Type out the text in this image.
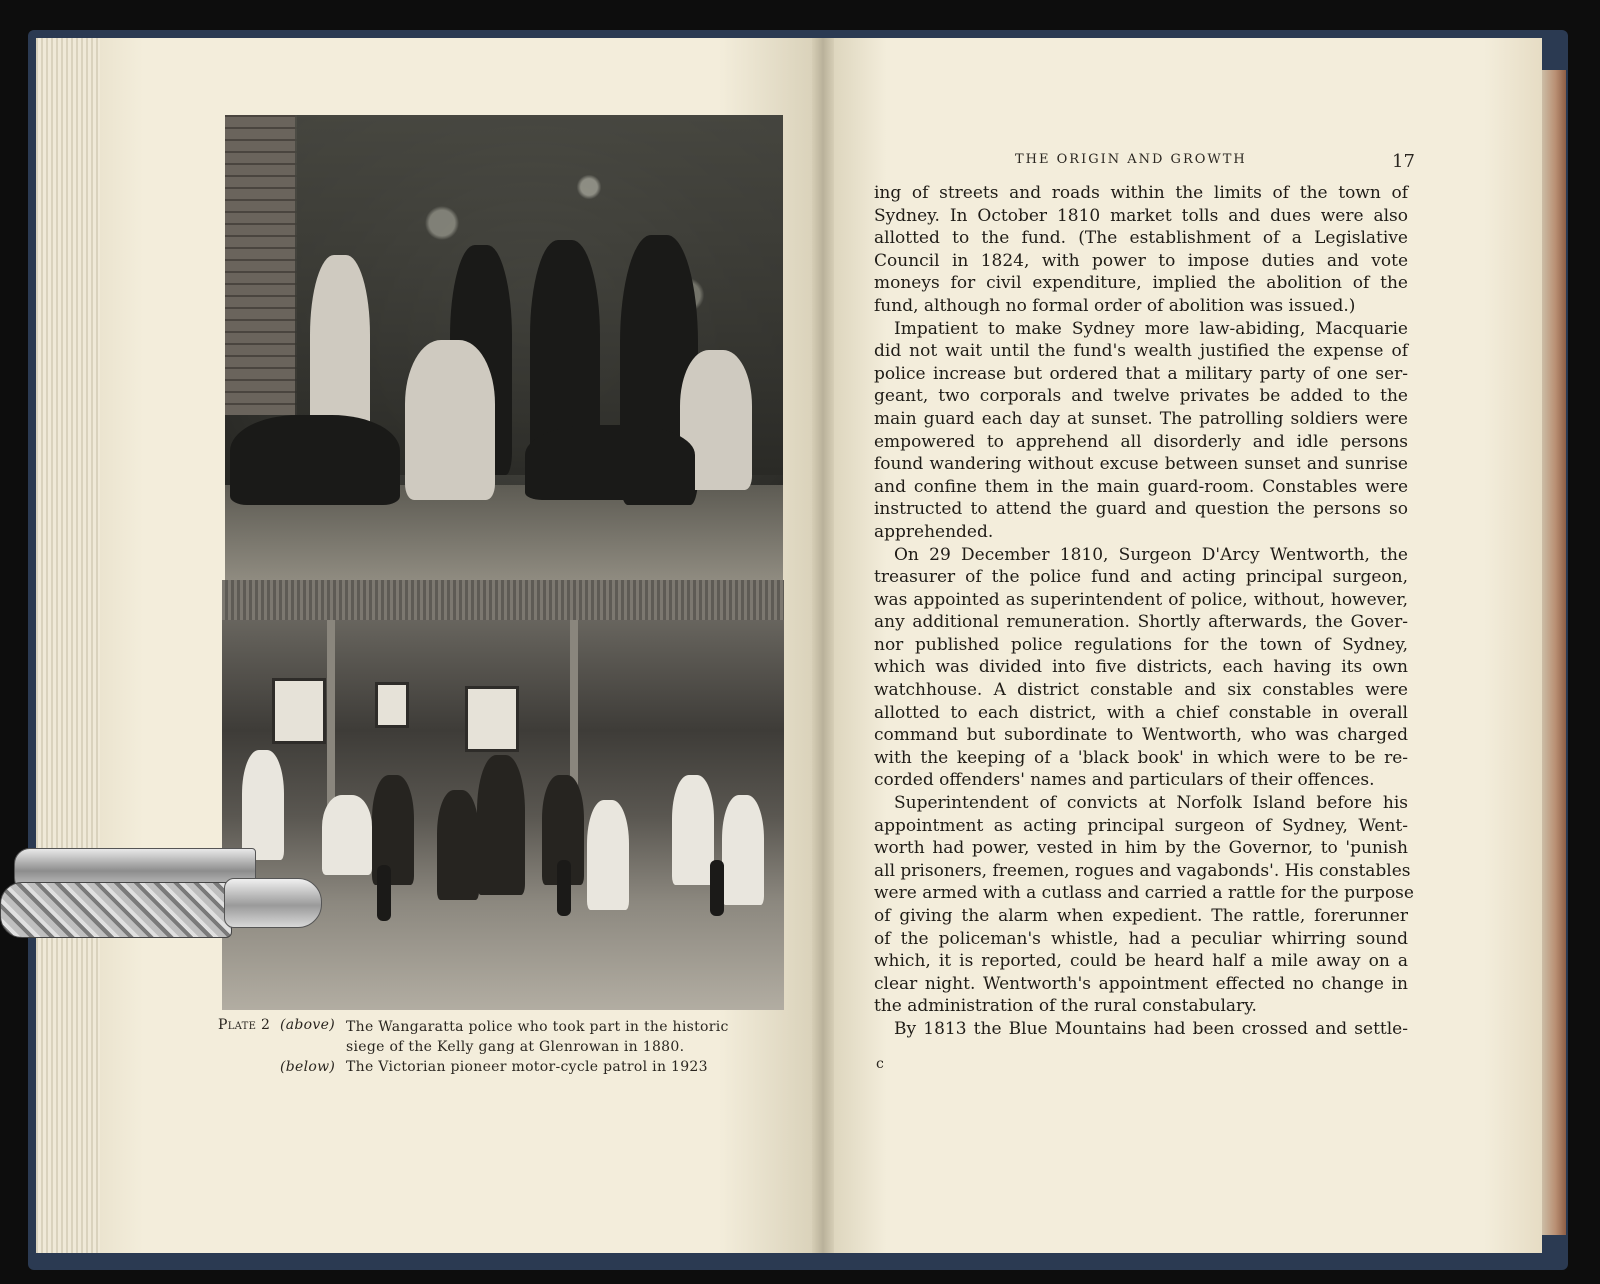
Plate 2 (above) The Wangaratta police who took part in the historic siege of the Kelly gang at Glenrowan in 1880.
(below) The Victorian pioneer motor-cycle patrol in 1923
THE ORIGIN AND GROWTH	17
ing of streets and roads within the limits of the town of
Sydney. In October 1810 market tolls and dues were also
allotted to the fund. (The establishment of a Legislative
Council in 1824, with power to impose duties and vote
moneys for civil expenditure, implied the abolition of the
fund, although no formal order of abolition was issued.)
Impatient to make Sydney more law-abiding, Macquarie
did not wait until the fund's wealth justified the expense of
police increase but ordered that a military party of one ser-
geant, two corporals and twelve privates be added to the
main guard each day at sunset. The patrolling soldiers were
empowered to apprehend all disorderly and idle persons
found wandering without excuse between sunset and sunrise
and confine them in the main guard-room. Constables were
instructed to attend the guard and question the persons so
apprehended.
On 29 December 1810, Surgeon D'Arcy Wentworth, the
treasurer of the police fund and acting principal surgeon,
was appointed as superintendent of police, without, however,
any additional remuneration. Shortly afterwards, the Gover-
nor published police regulations for the town of Sydney,
which was divided into five districts, each having its own
watchhouse. A district constable and six constables were
allotted to each district, with a chief constable in overall
command but subordinate to Wentworth, who was charged
with the keeping of a 'black book' in which were to be re-
corded offenders' names and particulars of their offences.
Superintendent of convicts at Norfolk Island before his
appointment as acting principal surgeon of Sydney, Went-
worth had power, vested in him by the Governor, to 'punish
all prisoners, freemen, rogues and vagabonds'. His constables
were armed with a cutlass and carried a rattle for the purpose
of giving the alarm when expedient. The rattle, forerunner
of the policeman's whistle, had a peculiar whirring sound
which, it is reported, could be heard half a mile away on a
clear night. Wentworth's appointment effected no change in
the administration of the rural constabulary.
By 1813 the Blue Mountains had been crossed and settle-
c
